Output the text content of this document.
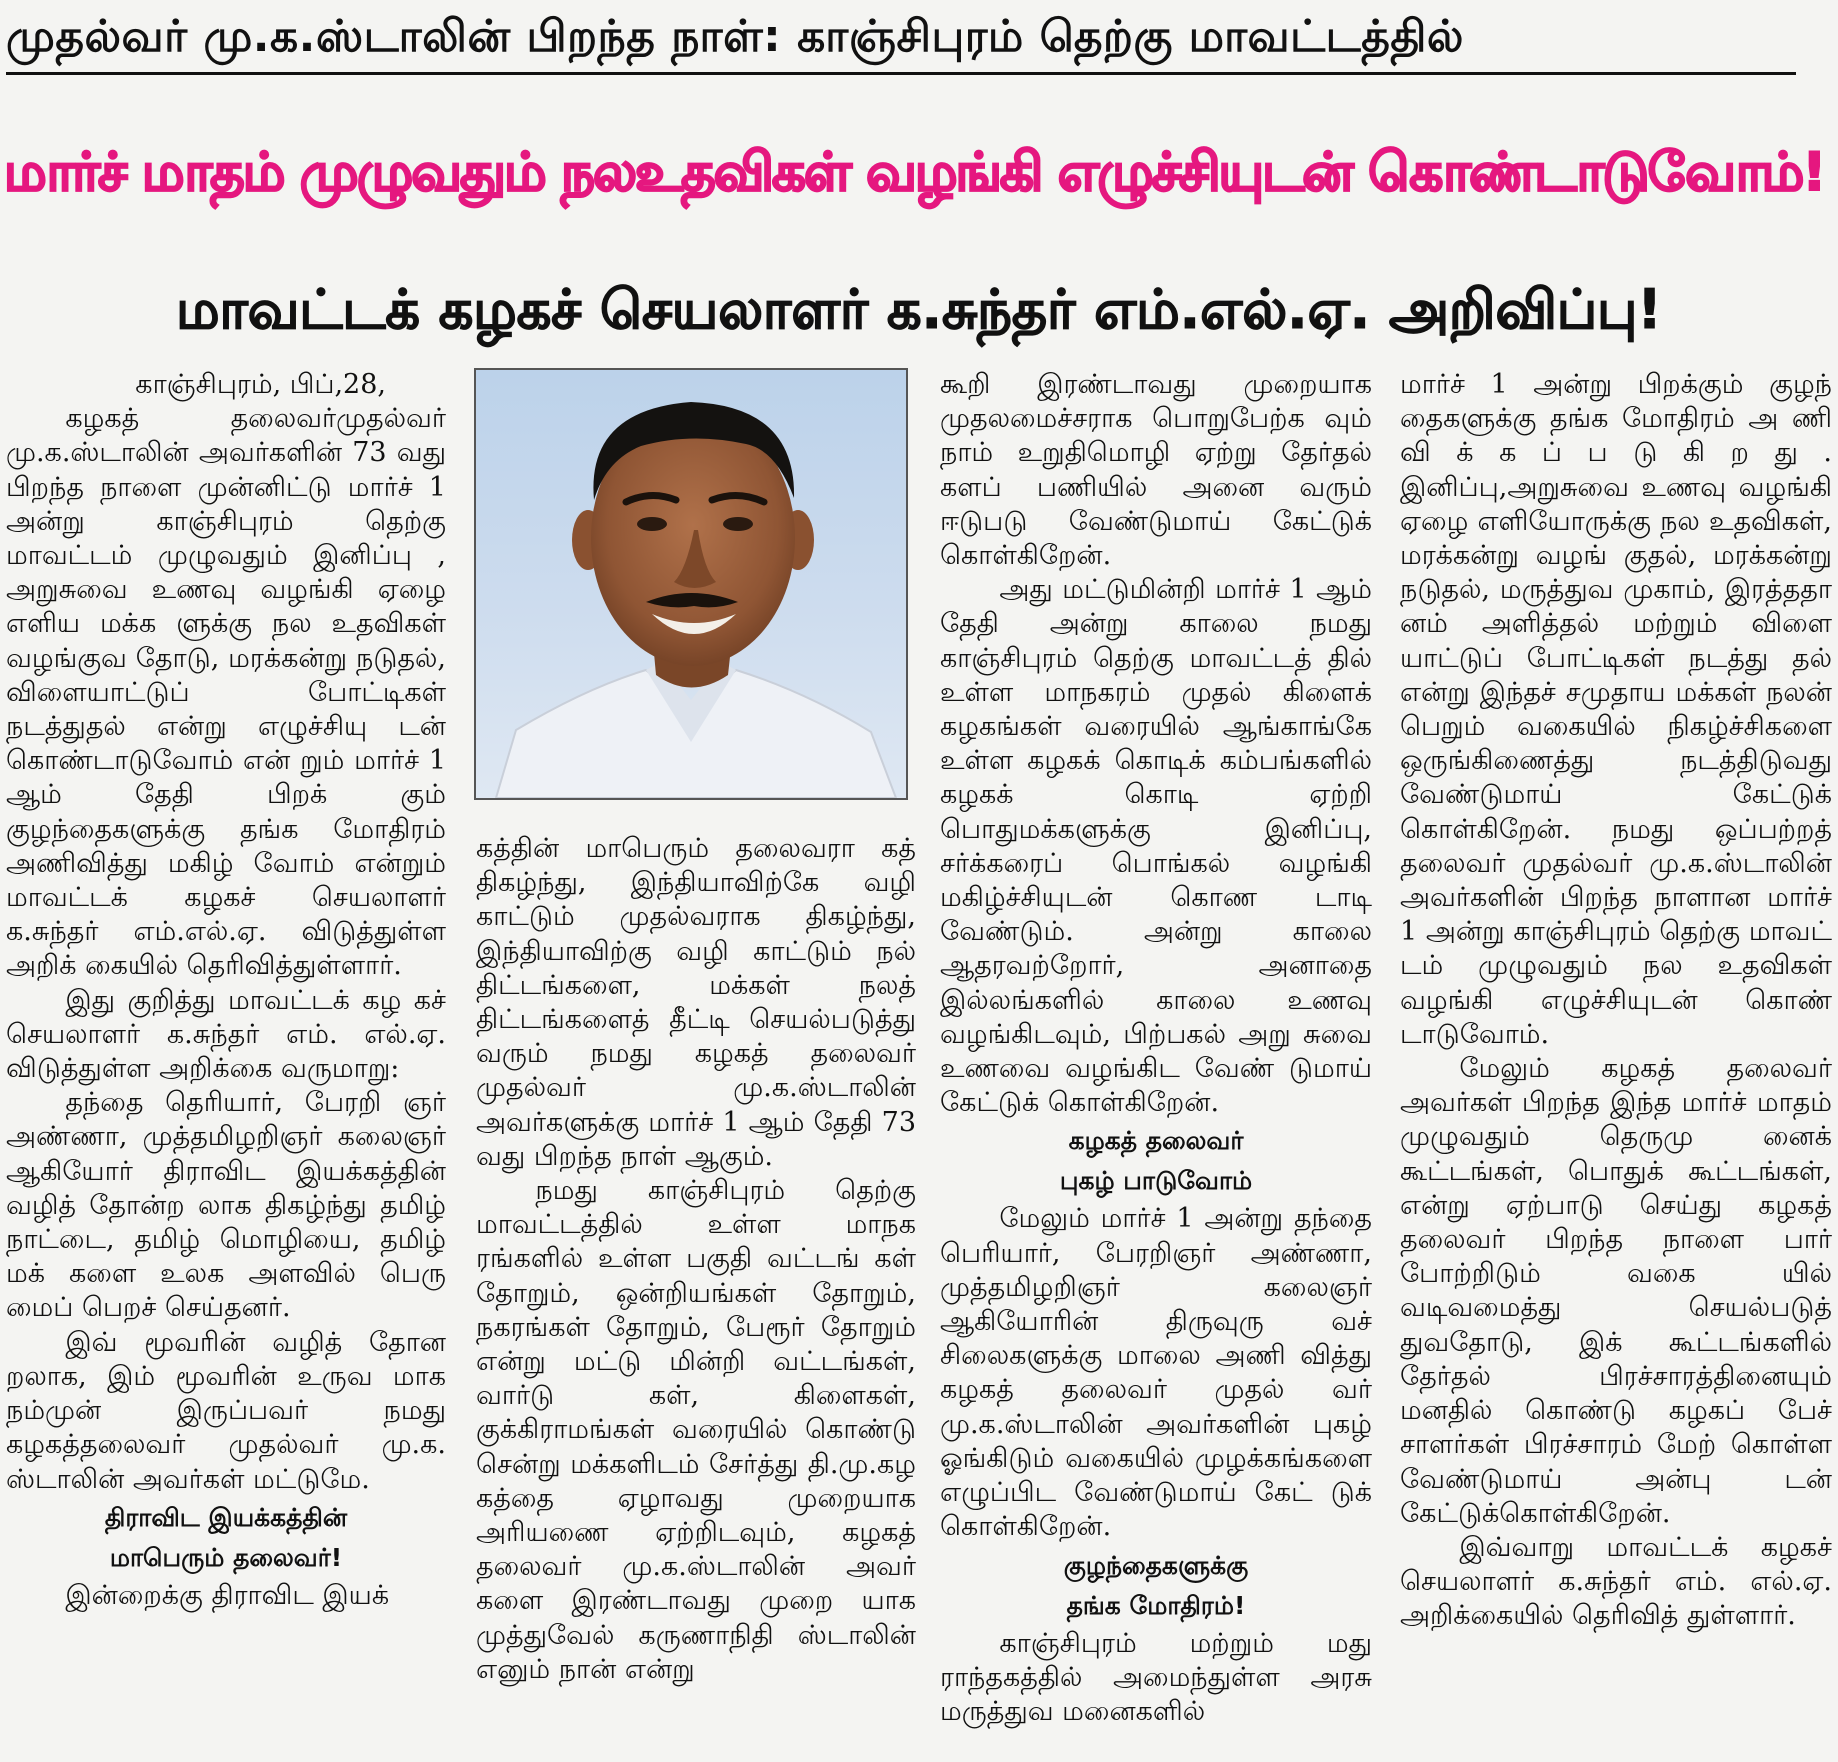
முதல்வர் மு.க.ஸ்டாலின் பிறந்த நாள்: காஞ்சிபுரம் தெற்கு மாவட்டத்தில்
மார்ச் மாதம் முழுவதும் நலஉதவிகள் வழங்கி எழுச்சியுடன் கொண்டாடுவோம்!
மாவட்டக் கழகச் செயலாளர் க.சுந்தர் எம்.எல்.ஏ. அறிவிப்பு!

காஞ்சிபுரம், பிப்,28,

கழகத் தலைவர்முதல்வர் மு.க.ஸ்டாலின் அவர்களின் 73 வது பிறந்த நாளை முன்னிட்டு மார்ச் 1 அன்று காஞ்சிபுரம் தெற்கு மாவட்டம் முழுவதும் இனிப்பு , அறுசுவை உணவு வழங்கி ஏழை எளிய மக்க ளுக்கு நல உதவிகள் வழங்குவ தோடு, மரக்கன்று நடுதல், விளையாட்டுப் போட்டிகள் நடத்துதல் என்று எழுச்சியு டன் கொண்டாடுவோம் என் றும் மார்ச் 1 ஆம் தேதி பிறக் கும் குழந்தைகளுக்கு தங்க மோதிரம் அணிவித்து மகிழ் வோம் என்றும் மாவட்டக் கழகச் செயலாளர் க.சுந்தர் எம்.எல்.ஏ. விடுத்துள்ள அறிக் கையில் தெரிவித்துள்ளார்.

இது குறித்து மாவட்டக் கழ கச் செயலாளர் க.சுந்தர் எம். எல்.ஏ. விடுத்துள்ள அறிக்கை வருமாறு:

தந்தை தெரியார், பேரறி ஞர் அண்ணா, முத்தமிழறிஞர் கலைஞர் ஆகியோர் திராவிட இயக்கத்தின் வழித் தோன்ற லாக திகழ்ந்து தமிழ் நாட்டை, தமிழ் மொழியை, தமிழ் மக் களை உலக அளவில் பெரு மைப் பெறச் செய்தனர்.

இவ் மூவரின் வழித் தோன றலாக, இம் மூவரின் உருவ மாக நம்முன் இருப்பவர் நமது கழகத்தலைவர் முதல்வர் மு.க. ஸ்டாலின் அவர்கள் மட்டுமே.

திராவிட இயக்கத்தின்
மாபெரும் தலைவர்!

இன்றைக்கு திராவிட இயக்

கத்தின் மாபெரும் தலைவரா கத் திகழ்ந்து, இந்தியாவிற்கே வழி காட்டும் முதல்வராக திகழ்ந்து, இந்தியாவிற்கு வழி காட்டும் நல் திட்டங்களை, மக்கள் நலத் திட்டங்களைத் தீட்டி செயல்படுத்து வரும் நமது கழகத் தலைவர் முதல்வர் மு.க.ஸ்டாலின் அவர்களுக்கு மார்ச் 1 ஆம் தேதி 73 வது பிறந்த நாள் ஆகும்.

நமது காஞ்சிபுரம் தெற்கு மாவட்டத்தில் உள்ள மாநக ரங்களில் உள்ள பகுதி வட்டங் கள் தோறும், ஒன்றியங்கள் தோறும், நகரங்கள் தோறும், பேரூர் தோறும் என்று மட்டு மின்றி வட்டங்கள், வார்டு கள், கிளைகள், குக்கிராமங்கள் வரையில் கொண்டு சென்று மக்களிடம் சேர்த்து தி.மு.கழ கத்தை ஏழாவது முறையாக அரியணை ஏற்றிடவும், கழகத் தலைவர் மு.க.ஸ்டாலின் அவர் களை இரண்டாவது முறை யாக முத்துவேல் கருணாநிதி ஸ்டாலின் எனும் நான் என்று

கூறி இரண்டாவது முறையாக முதலமைச்சராக பொறுபேற்க வும் நாம் உறுதிமொழி ஏற்று தேர்தல் களப் பணியில் அனை வரும் ஈடுபடு வேண்டுமாய் கேட்டுக் கொள்கிறேன்.

அது மட்டுமின்றி மார்ச் 1 ஆம் தேதி அன்று காலை நமது காஞ்சிபுரம் தெற்கு மாவட்டத் தில் உள்ள மாநகரம் முதல் கிளைக் கழகங்கள் வரையில் ஆங்காங்கே உள்ள கழகக் கொடிக் கம்பங்களில் கழகக் கொடி ஏற்றி பொதுமக்களுக்கு இனிப்பு, சர்க்கரைப் பொங்கல் வழங்கி மகிழ்ச்சியுடன் கொண டாடி வேண்டும். அன்று காலை ஆதரவற்றோர், அனாதை இல்லங்களில் காலை உணவு வழங்கிடவும், பிற்பகல் அறு சுவை உணவை வழங்கிட வேண் டுமாய் கேட்டுக் கொள்கிறேன்.

கழகத் தலைவர்
புகழ் பாடுவோம்

மேலும் மார்ச் 1 அன்று தந்தை பெரியார், பேரறிஞர் அண்ணா, முத்தமிழறிஞர் கலைஞர் ஆகியோரின் திருவுரு வச் சிலைகளுக்கு மாலை அணி வித்து கழகத் தலைவர் முதல் வர் மு.க.ஸ்டாலின் அவர்களின் புகழ் ஓங்கிடும் வகையில் முழக்கங்களை எழுப்பிட வேண்டுமாய் கேட் டுக் கொள்கிறேன்.

குழந்தைகளுக்கு
தங்க மோதிரம்!

காஞ்சிபுரம் மற்றும் மது ராந்தகத்தில் அமைந்துள்ள அரசு மருத்துவ மனைகளில்

மார்ச் 1 அன்று பிறக்கும் குழந் தைகளுக்கு தங்க மோதிரம் அ ணி வி க் க ப் ப டு கி ற து . இனிப்பு,அறுசுவை உணவு வழங்கி ஏழை எளியோருக்கு நல உதவிகள், மரக்கன்று வழங் குதல், மரக்கன்று நடுதல், மருத்துவ முகாம், இரத்ததா னம் அளித்தல் மற்றும் விளை யாட்டுப் போட்டிகள் நடத்து தல் என்று இந்தச் சமுதாய மக்கள் நலன் பெறும் வகையில் நிகழ்ச்சிகளை ஒருங்கிணைத்து நடத்திடுவது வேண்டுமாய் கேட்டுக் கொள்கிறேன். நமது ஒப்பற்றத் தலைவர் முதல்வர் மு.க.ஸ்டாலின் அவர்களின் பிறந்த நாளான மார்ச் 1 அன்று காஞ்சிபுரம் தெற்கு மாவட் டம் முழுவதும் நல உதவிகள் வழங்கி எழுச்சியுடன் கொண் டாடுவோம்.

மேலும் கழகத் தலைவர் அவர்கள் பிறந்த இந்த மார்ச் மாதம் முழுவதும் தெருமு னைக் கூட்டங்கள், பொதுக் கூட்டங்கள், என்று ஏற்பாடு செய்து கழகத் தலைவர் பிறந்த நாளை பார் போற்றிடும் வகை யில் வடிவமைத்து செயல்படுத் துவதோடு, இக் கூட்டங்களில் தேர்தல் பிரச்சாரத்தினையும் மனதில் கொண்டு கழகப் பேச் சாளர்கள் பிரச்சாரம் மேற் கொள்ள வேண்டுமாய் அன்பு டன் கேட்டுக்கொள்கிறேன்.

இவ்வாறு மாவட்டக் கழகச் செயலாளர் க.சுந்தர் எம். எல்.ஏ. அறிக்கையில் தெரிவித் துள்ளார்.
